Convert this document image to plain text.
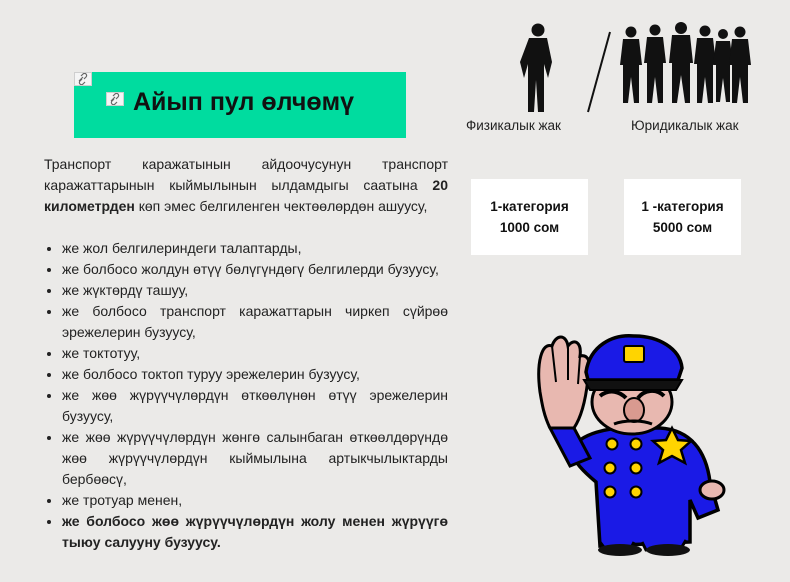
Айып пул өлчөмү

Транспорт каражатынын айдоочусунун транспорт каражаттарынын кыймылынын ылдамдыгы саатына 20 километрден көп эмес белгиленген чектөөлөрдөн ашуусу,

• же жол белгилериндеги талаптарды,
• же болбосо жолдун өтүү бөлүгүндөгү белгилерди бузуусу,
• же жүктөрдү ташуу,
• же болбосо транспорт каражаттарын чиркеп сүйрөө эрежелерин бузуусу,
• же токтотуу,
• же болбосо токтоп туруу эрежелерин бузуусу,
• же жөө жүрүүчүлөрдүн өткөөлүнөн өтүү эрежелерин бузуусу,
• же жөө жүрүүчүлөрдүн жөнгө салынбаган өткөөлдөрүндө жөө жүрүүчүлөрдүн кыймылына артыкчылыктарды бербөөсү,
• же тротуар менен,
• же болбосо жөө жүрүүчүлөрдүн жолу менен жүрүүгө тыюу салууну бузуусу.
Физикалык жак	Юридикалык жак
1-категория
1000 сом
1 -категория
5000 сом
